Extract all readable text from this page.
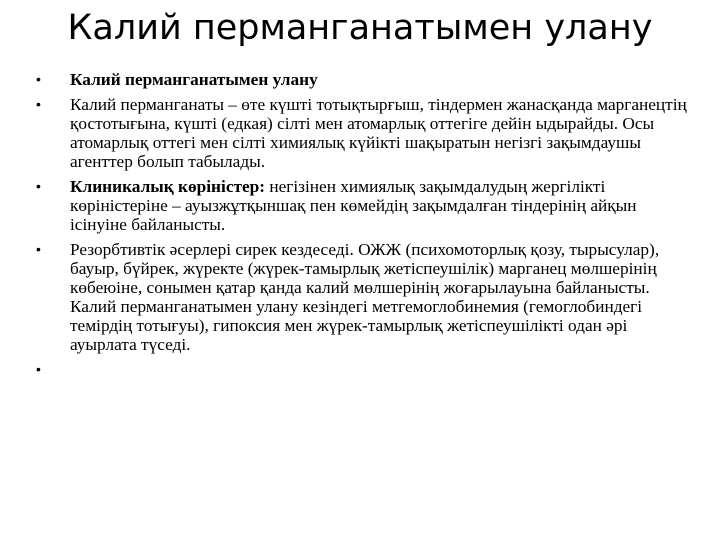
Калий перманганатымен улану
•	Калий перманганатымен улану
•	Калий перманганаты – өте күшті тотықтырғыш, тіндермен жанасқанда марганецтің қостотығына, күшті (едкая) сілті мен атомарлық оттегіге дейін ыдырайды. Осы атомарлық оттегі мен сілті химиялық күйікті шақыратын негізгі зақымдаушы агенттер болып табылады.
•	Клиникалық көріністер: негізінен химиялық зақымдалудың жергілікті көріністеріне – ауызжұтқыншақ пен көмейдің зақымдалған тіндерінің айқын ісінуіне байланысты.
•	Резорбтивтік әсерлері сирек кездеседі. ОЖЖ (психомоторлық қозу, тырысулар), бауыр, бүйрек, жүректе (жүрек-тамырлық жетіспеушілік) марганец мөлшерінің көбеюіне, сонымен қатар қанда калий мөлшерінің жоғарылауына байланысты. Калий перманганатымен улану кезіндегі метгемоглобинемия (гемоглобиндегі темірдің тотығуы), гипоксия мен жүрек-тамырлық жетіспеушілікті одан әрі ауырлата түседі.
•
